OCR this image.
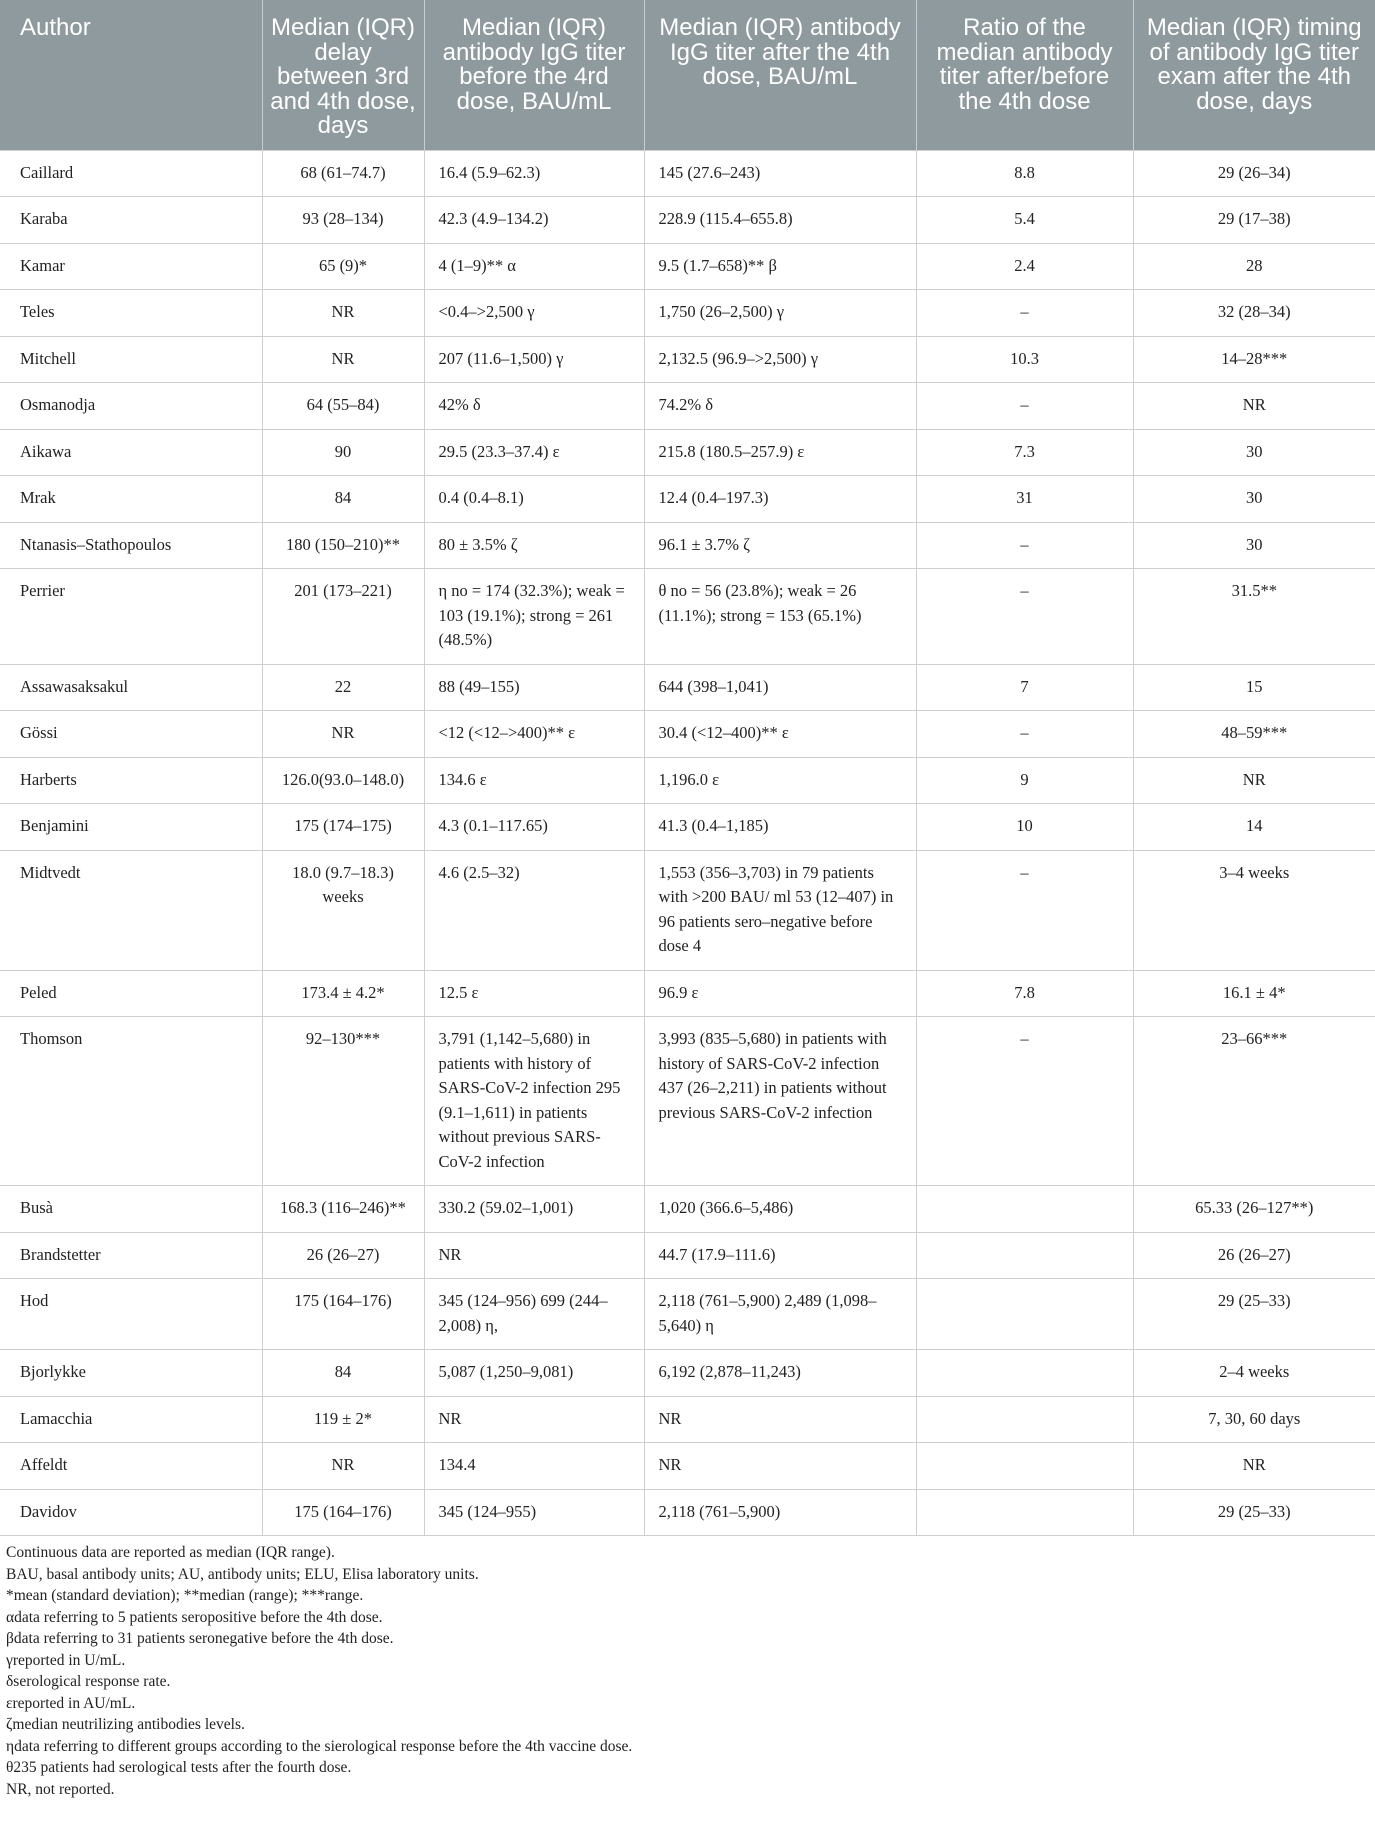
Author	Median (IQR) delay between 3rd and 4th dose, days	Median (IQR) antibody IgG titer before the 4rd dose, BAU/mL	Median (IQR) antibody IgG titer after the 4th dose, BAU/mL	Ratio of the median antibody titer after/before the 4th dose	Median (IQR) timing of antibody IgG titer exam after the 4th dose, days
Caillard	68 (61–74.7)	16.4 (5.9–62.3)	145 (27.6–243)	8.8	29 (26–34)
Karaba	93 (28–134)	42.3 (4.9–134.2)	228.9 (115.4–655.8)	5.4	29 (17–38)
Kamar	65 (9)*	4 (1–9)** α	9.5 (1.7–658)** β	2.4	28
Teles	NR	<0.4–>2,500 γ	1,750 (26–2,500) γ	–	32 (28–34)
Mitchell	NR	207 (11.6–1,500) γ	2,132.5 (96.9–>2,500) γ	10.3	14–28***
Osmanodja	64 (55–84)	42% δ	74.2% δ	–	NR
Aikawa	90	29.5 (23.3–37.4) ε	215.8 (180.5–257.9) ε	7.3	30
Mrak	84	0.4 (0.4–8.1)	12.4 (0.4–197.3)	31	30
Ntanasis–Stathopoulos	180 (150–210)**	80 ± 3.5% ζ	96.1 ± 3.7% ζ	–	30
Perrier	201 (173–221)	η no = 174 (32.3%); weak = 103 (19.1%); strong = 261 (48.5%)	θ no = 56 (23.8%); weak = 26 (11.1%); strong = 153 (65.1%)	–	31.5**
Assawasaksakul	22	88 (49–155)	644 (398–1,041)	7	15
Gössi	NR	<12 (<12–>400)** ε	30.4 (<12–400)** ε	–	48–59***
Harberts	126.0(93.0–148.0)	134.6 ε	1,196.0 ε	9	NR
Benjamini	175 (174–175)	4.3 (0.1–117.65)	41.3 (0.4–1,185)	10	14
Midtvedt	18.0 (9.7–18.3) weeks	4.6 (2.5–32)	1,553 (356–3,703) in 79 patients with >200 BAU/ ml 53 (12–407) in 96 patients sero–negative before dose 4	–	3–4 weeks
Peled	173.4 ± 4.2*	12.5 ε	96.9 ε	7.8	16.1 ± 4*
Thomson	92–130***	3,791 (1,142–5,680) in patients with history of SARS-CoV-2 infection 295 (9.1–1,611) in patients without previous SARS-CoV-2 infection	3,993 (835–5,680) in patients with history of SARS-CoV-2 infection 437 (26–2,211) in patients without previous SARS-CoV-2 infection	–	23–66***
Busà	168.3 (116–246)**	330.2 (59.02–1,001)	1,020 (366.6–5,486)		65.33 (26–127**)
Brandstetter	26 (26–27)	NR	44.7 (17.9–111.6)		26 (26–27)
Hod	175 (164–176)	345 (124–956) 699 (244–2,008) η,	2,118 (761–5,900) 2,489 (1,098–5,640) η		29 (25–33)
Bjorlykke	84	5,087 (1,250–9,081)	6,192 (2,878–11,243)		2–4 weeks
Lamacchia	119 ± 2*	NR	NR		7, 30, 60 days
Affeldt	NR	134.4	NR		NR
Davidov	175 (164–176)	345 (124–955)	2,118 (761–5,900)		29 (25–33)
Continuous data are reported as median (IQR range).
BAU, basal antibody units; AU, antibody units; ELU, Elisa laboratory units.
*mean (standard deviation); **median (range); ***range.
αdata referring to 5 patients seropositive before the 4th dose.
βdata referring to 31 patients seronegative before the 4th dose.
γreported in U/mL.
δserological response rate.
εreported in AU/mL.
ζmedian neutrilizing antibodies levels.
ηdata referring to different groups according to the sierological response before the 4th vaccine dose.
θ235 patients had serological tests after the fourth dose.
NR, not reported.
